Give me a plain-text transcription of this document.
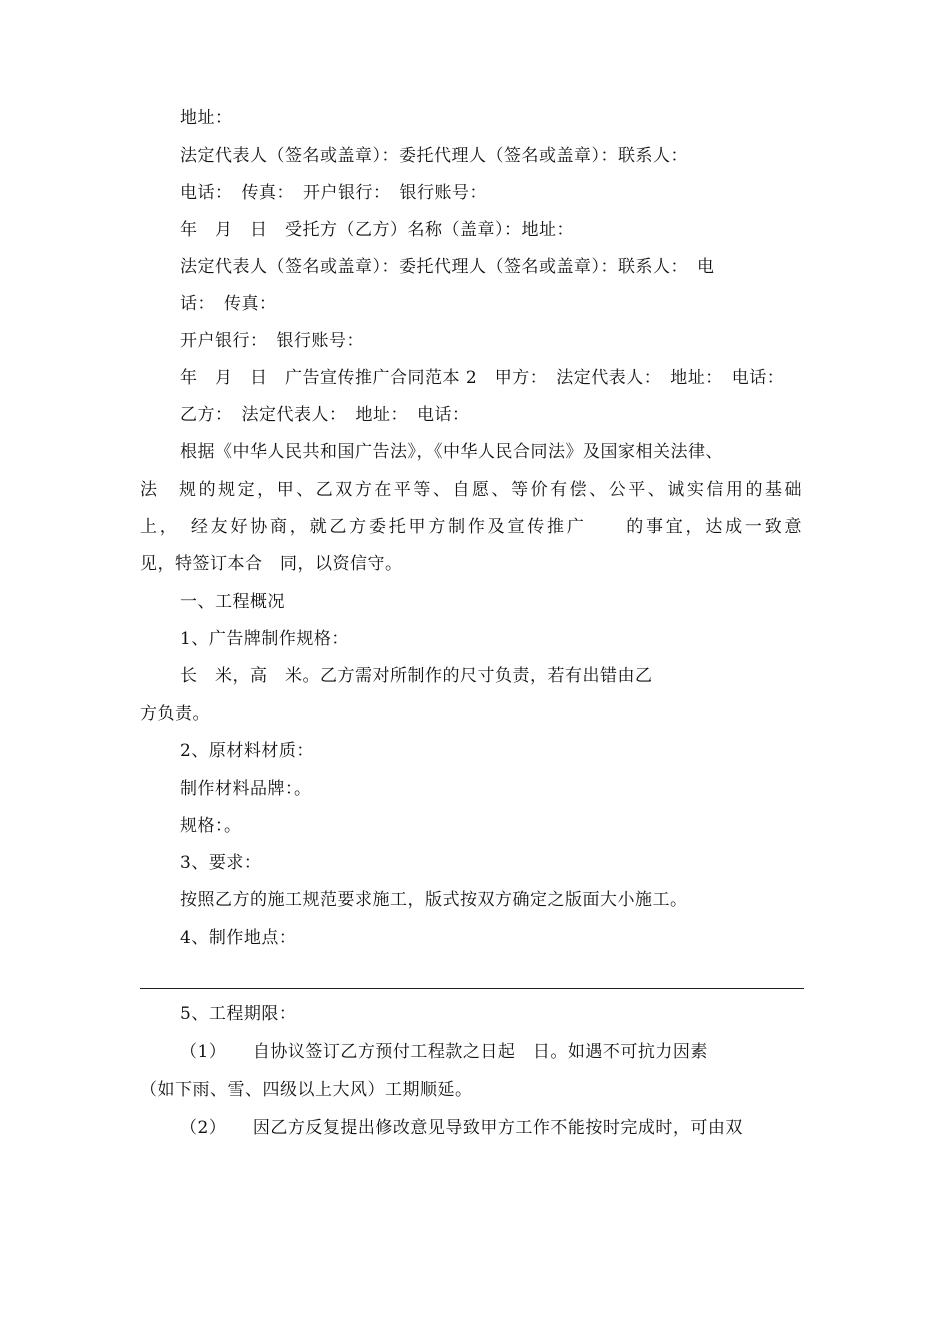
地址：
法定代表人（签名或盖章）：委托代理人（签名或盖章）：联系人：
电话：　传真：　开户银行：　银行账号：
年　月　日　受托方（乙方）名称（盖章）：地址：
法定代表人（签名或盖章）：委托代理人（签名或盖章）：联系人：　电
话：　传真：
开户银行：　银行账号：
年　月　日　广告宣传推广合同范本 2　甲方：　法定代表人：　地址：　电话：
乙方：　法定代表人：　地址：　电话：
根据《中华人民共和国广告法》，《中华人民合同法》及国家相关法律、
法　规的规定，甲、乙双方在平等、自愿、等价有偿、公平、诚实信用的基础
上，　经友好协商，就乙方委托甲方制作及宣传推广　　的事宜，达成一致意
见，特签订本合　同，以资信守。
一、工程概况
1、广告牌制作规格：
长　米，高　米。乙方需对所制作的尺寸负责，若有出错由乙
方负责。
2、原材料材质：
制作材料品牌：。
规格：。
3、要求：
按照乙方的施工规范要求施工，版式按双方确定之版面大小施工。
4、制作地点：
5、工程期限：
（1）　　自协议签订乙方预付工程款之日起　日。如遇不可抗力因素
（如下雨、雪、四级以上大风）工期顺延。
（2）　　因乙方反复提出修改意见导致甲方工作不能按时完成时，可由双
